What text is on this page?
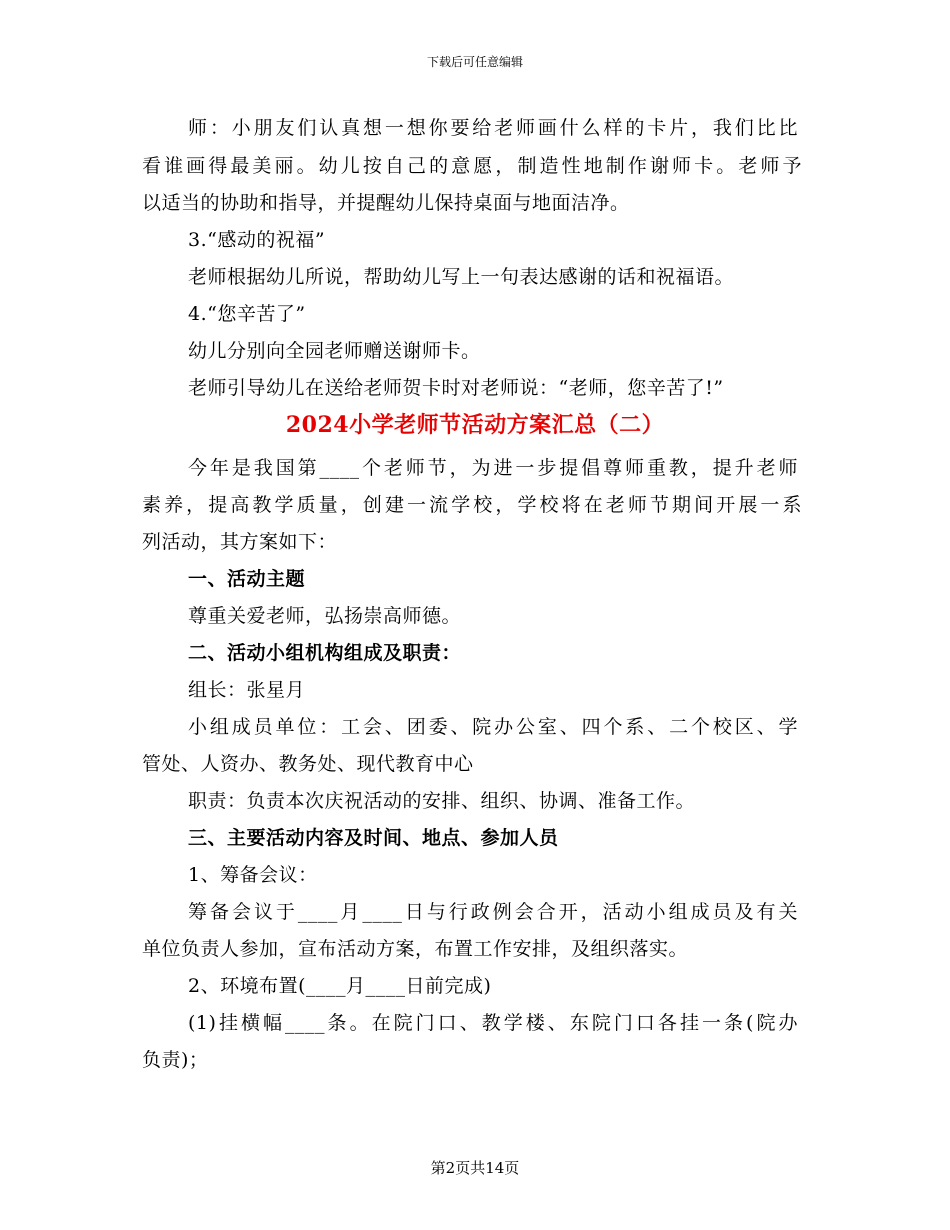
下载后可任意编辑
师：小朋友们认真想一想你要给老师画什么样的卡片，我们比比
看谁画得最美丽。幼儿按自己的意愿，制造性地制作谢师卡。老师予
以适当的协助和指导，并提醒幼儿保持桌面与地面洁净。
3.“感动的祝福”
老师根据幼儿所说，帮助幼儿写上一句表达感谢的话和祝福语。
4.“您辛苦了”
幼儿分别向全园老师赠送谢师卡。
老师引导幼儿在送给老师贺卡时对老师说：“老师，您辛苦了!”
2024小学老师节活动方案汇总（二）
今年是我国第____个老师节，为进一步提倡尊师重教，提升老师
素养，提高教学质量，创建一流学校，学校将在老师节期间开展一系
列活动，其方案如下：
一、活动主题
尊重关爱老师，弘扬崇高师德。
二、活动小组机构组成及职责：
组长：张星月
小组成员单位：工会、团委、院办公室、四个系、二个校区、学
管处、人资办、教务处、现代教育中心
职责：负责本次庆祝活动的安排、组织、协调、准备工作。
三、主要活动内容及时间、地点、参加人员
1、筹备会议：
筹备会议于____月____日与行政例会合开，活动小组成员及有关
单位负责人参加，宣布活动方案，布置工作安排，及组织落实。
2、环境布置(____月____日前完成)
(1)挂横幅____条。在院门口、教学楼、东院门口各挂一条(院办
负责)；
第2页共14页
